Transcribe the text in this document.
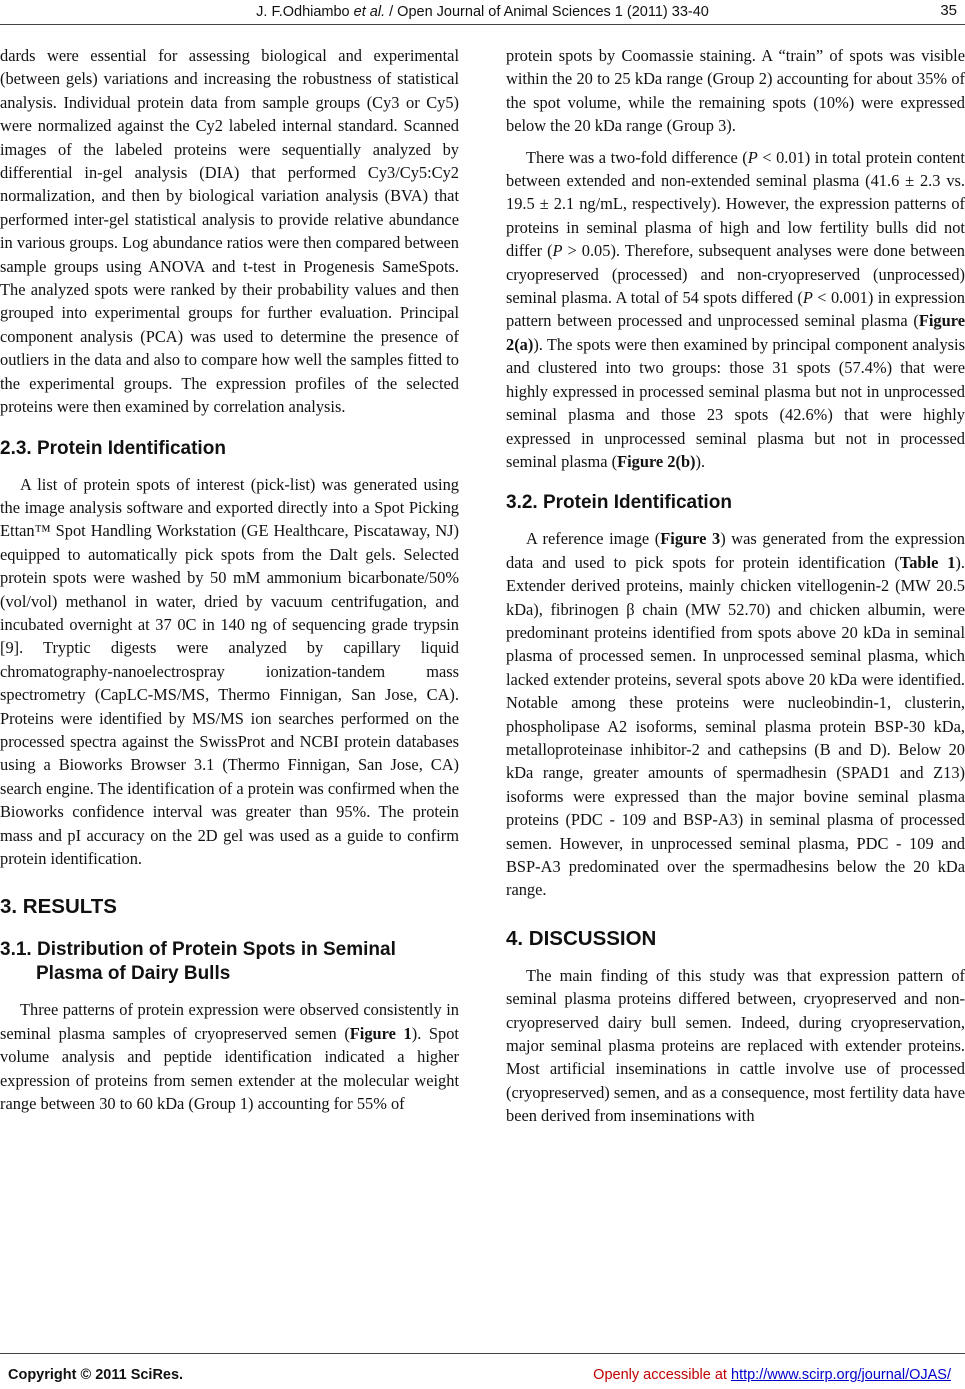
J. F.Odhiambo et al. / Open Journal of Animal Sciences 1 (2011) 33-40	35

dards were essential for assessing biological and experimental (between gels) variations and increasing the robustness of statistical analysis. Individual protein data from sample groups (Cy3 or Cy5) were normalized against the Cy2 labeled internal standard. Scanned images of the labeled proteins were sequentially analyzed by differential in-gel analysis (DIA) that performed Cy3/Cy5:Cy2 normalization, and then by biological variation analysis (BVA) that performed inter-gel statistical analysis to provide relative abundance in various groups. Log abundance ratios were then compared between sample groups using ANOVA and t-test in Progenesis SameSpots. The analyzed spots were ranked by their probability values and then grouped into experimental groups for further evaluation. Principal component analysis (PCA) was used to determine the presence of outliers in the data and also to compare how well the samples fitted to the experimental groups. The expression profiles of the selected proteins were then examined by correlation analysis.

2.3. Protein Identification

A list of protein spots of interest (pick-list) was generated using the image analysis software and exported directly into a Spot Picking Ettan™ Spot Handling Workstation (GE Healthcare, Piscataway, NJ) equipped to automatically pick spots from the Dalt gels. Selected protein spots were washed by 50 mM ammonium bicarbonate/50% (vol/vol) methanol in water, dried by vacuum centrifugation, and incubated overnight at 37 0C in 140 ng of sequencing grade trypsin [9]. Tryptic digests were analyzed by capillary liquid chromatography-nanoelectrospray ionization-tandem mass spectrometry (CapLC-MS/MS, Thermo Finnigan, San Jose, CA). Proteins were identified by MS/MS ion searches performed on the processed spectra against the SwissProt and NCBI protein databases using a Bioworks Browser 3.1 (Thermo Finnigan, San Jose, CA) search engine. The identification of a protein was confirmed when the Bioworks confidence interval was greater than 95%. The protein mass and pI accuracy on the 2D gel was used as a guide to confirm protein identification.

3. RESULTS
3.1. Distribution of Protein Spots in Seminal Plasma of Dairy Bulls

Three patterns of protein expression were observed consistently in seminal plasma samples of cryopreserved semen (Figure 1). Spot volume analysis and peptide identification indicated a higher expression of proteins from semen extender at the molecular weight range between 30 to 60 kDa (Group 1) accounting for 55% of

protein spots by Coomassie staining. A “train” of spots was visible within the 20 to 25 kDa range (Group 2) accounting for about 35% of the spot volume, while the remaining spots (10%) were expressed below the 20 kDa range (Group 3).

There was a two-fold difference (P < 0.01) in total protein content between extended and non-extended seminal plasma (41.6 ± 2.3 vs. 19.5 ± 2.1 ng/mL, respectively). However, the expression patterns of proteins in seminal plasma of high and low fertility bulls did not differ (P > 0.05). Therefore, subsequent analyses were done between cryopreserved (processed) and non-cryopreserved (unprocessed) seminal plasma. A total of 54 spots differed (P < 0.001) in expression pattern between processed and unprocessed seminal plasma (Figure 2(a)). The spots were then examined by principal component analysis and clustered into two groups: those 31 spots (57.4%) that were highly expressed in processed seminal plasma but not in unprocessed seminal plasma and those 23 spots (42.6%) that were highly expressed in unprocessed seminal plasma but not in processed seminal plasma (Figure 2(b)).

3.2. Protein Identification

A reference image (Figure 3) was generated from the expression data and used to pick spots for protein identification (Table 1). Extender derived proteins, mainly chicken vitellogenin-2 (MW 20.5 kDa), fibrinogen β chain (MW 52.70) and chicken albumin, were predominant proteins identified from spots above 20 kDa in seminal plasma of processed semen. In unprocessed seminal plasma, which lacked extender proteins, several spots above 20 kDa were identified. Notable among these proteins were nucleobindin-1, clusterin, phospholipase A2 isoforms, seminal plasma protein BSP-30 kDa, metalloproteinase inhibitor-2 and cathepsins (B and D). Below 20 kDa range, greater amounts of spermadhesin (SPAD1 and Z13) isoforms were expressed than the major bovine seminal plasma proteins (PDC - 109 and BSP-A3) in seminal plasma of processed semen. However, in unprocessed seminal plasma, PDC - 109 and BSP-A3 predominated over the spermadhesins below the 20 kDa range.

4. DISCUSSION

The main finding of this study was that expression pattern of seminal plasma proteins differed between, cryopreserved and non-cryopreserved dairy bull semen. Indeed, during cryopreservation, major seminal plasma proteins are replaced with extender proteins. Most artificial inseminations in cattle involve use of processed (cryopreserved) semen, and as a consequence, most fertility data have been derived from inseminations with

Copyright © 2011 SciRes.	Openly accessible at http://www.scirp.org/journal/OJAS/
